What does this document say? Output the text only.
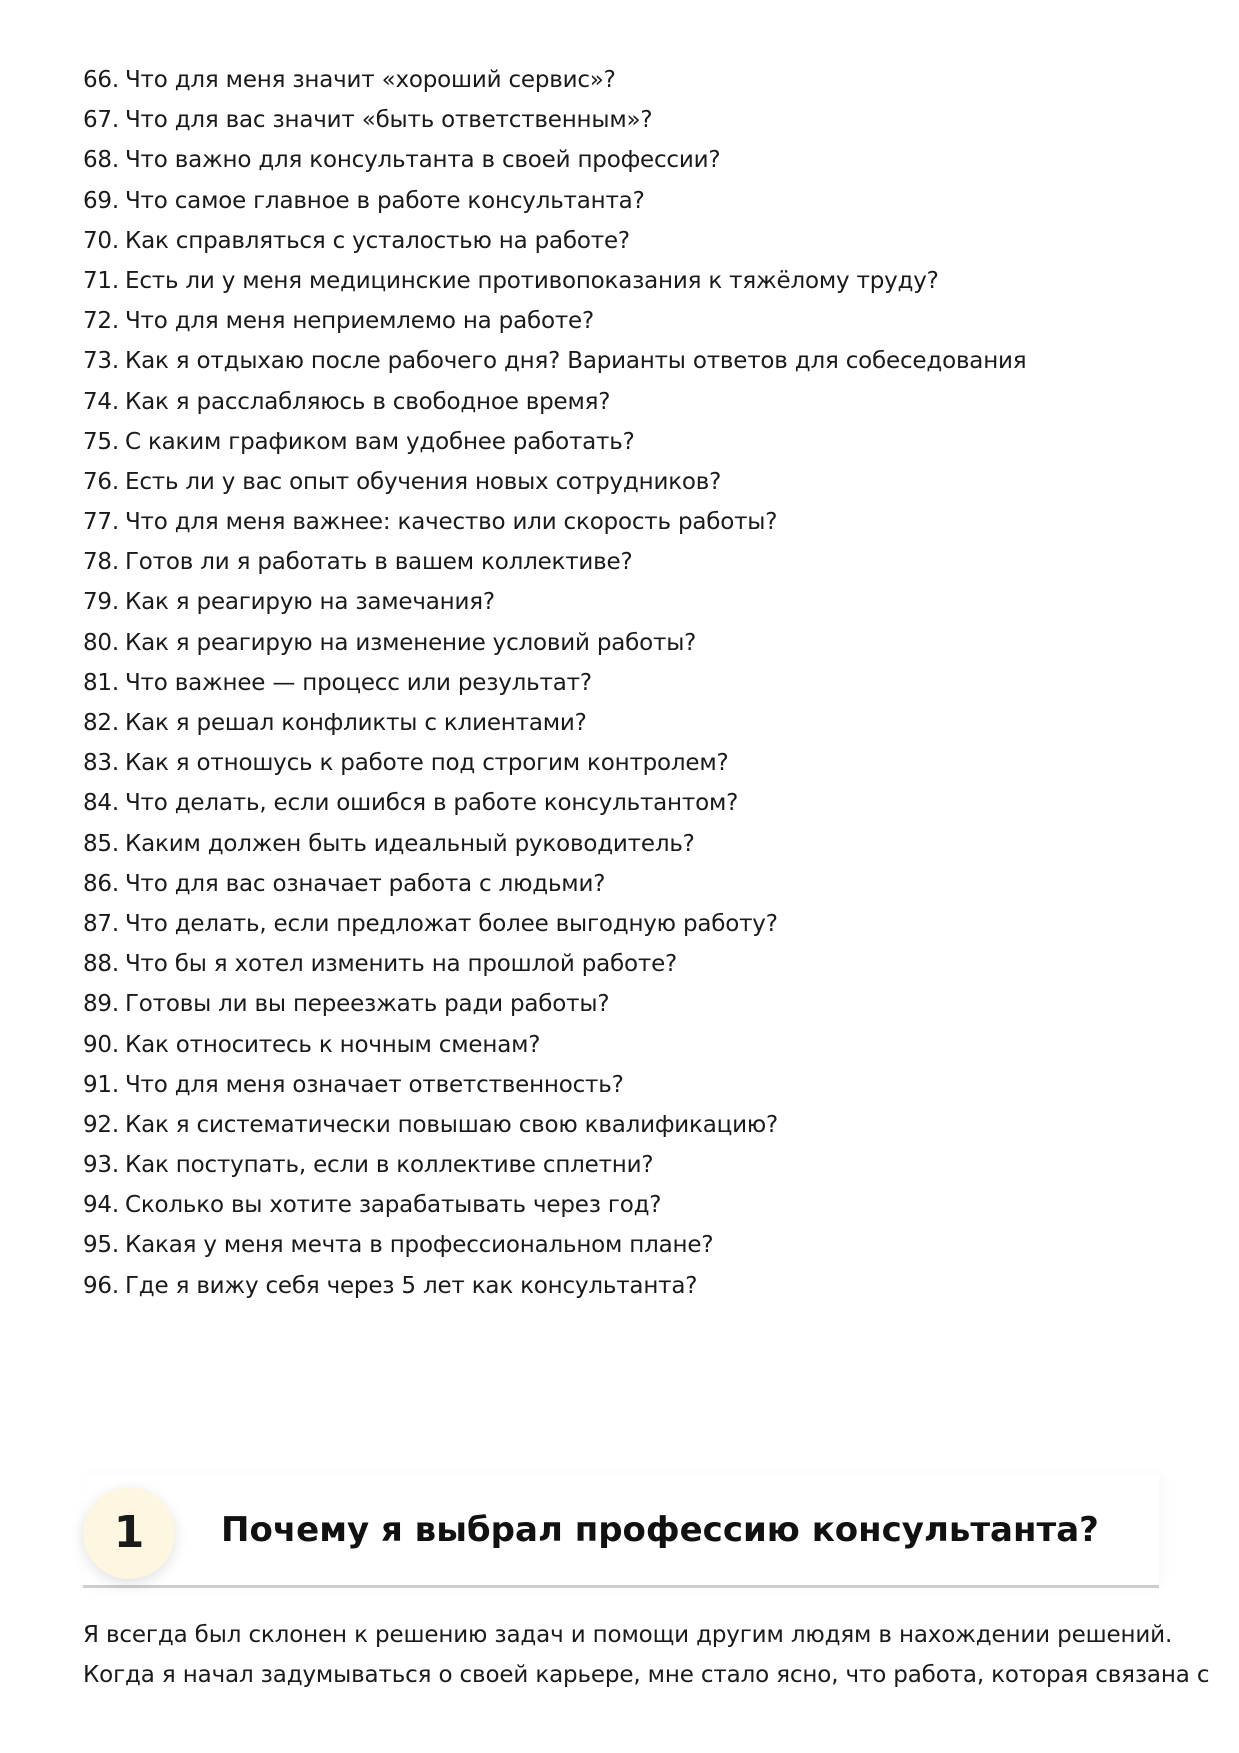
66. Что для меня значит «хороший сервис»?
67. Что для вас значит «быть ответственным»?
68. Что важно для консультанта в своей профессии?
69. Что самое главное в работе консультанта?
70. Как справляться с усталостью на работе?
71. Есть ли у меня медицинские противопоказания к тяжёлому труду?
72. Что для меня неприемлемо на работе?
73. Как я отдыхаю после рабочего дня? Варианты ответов для собеседования
74. Как я расслабляюсь в свободное время?
75. С каким графиком вам удобнее работать?
76. Есть ли у вас опыт обучения новых сотрудников?
77. Что для меня важнее: качество или скорость работы?
78. Готов ли я работать в вашем коллективе?
79. Как я реагирую на замечания?
80. Как я реагирую на изменение условий работы?
81. Что важнее — процесс или результат?
82. Как я решал конфликты с клиентами?
83. Как я отношусь к работе под строгим контролем?
84. Что делать, если ошибся в работе консультантом?
85. Каким должен быть идеальный руководитель?
86. Что для вас означает работа с людьми?
87. Что делать, если предложат более выгодную работу?
88. Что бы я хотел изменить на прошлой работе?
89. Готовы ли вы переезжать ради работы?
90. Как относитесь к ночным сменам?
91. Что для меня означает ответственность?
92. Как я систематически повышаю свою квалификацию?
93. Как поступать, если в коллективе сплетни?
94. Сколько вы хотите зарабатывать через год?
95. Какая у меня мечта в профессиональном плане?
96. Где я вижу себя через 5 лет как консультанта?
1	Почему я выбрал профессию консультанта?

Я всегда был склонен к решению задач и помощи другим людям в нахождении решений.
Когда я начал задумываться о своей карьере, мне стало ясно, что работа, которая связана с
